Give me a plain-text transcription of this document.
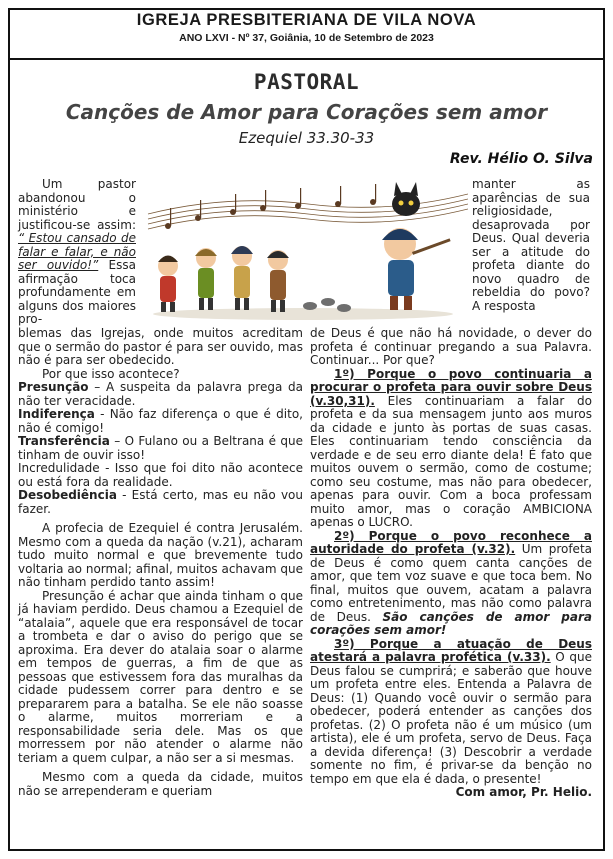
IGREJA PRESBITERIANA DE VILA NOVA
ANO LXVI - Nº 37, Goiânia, 10 de Setembro de 2023
PASTORAL
Canções de Amor para Corações sem amor
Ezequiel 33.30-33
Rev. Hélio O. Silva

Um pastor abandonou o ministério e justificou-se assim: “ Estou cansado de falar e falar, e não ser ouvido!” Essa afirmação toca profundamente em alguns dos maiores pro-

manter as aparências de sua religiosidade, desaprovada por Deus. Qual deveria ser a atitude do profeta diante do novo quadro de rebeldia do povo? A resposta

blemas das Igrejas, onde muitos acreditam que o sermão do pastor é para ser ouvido, mas não é para ser obedecido.

Por que isso acontece?

Presunção – A suspeita da palavra prega da não ter veracidade.

Indiferença - Não faz diferença o que é dito, não é comigo!

Transferência – O Fulano ou a Beltrana é que tinham de ouvir isso!

Incredulidade - Isso que foi dito não acontece ou está fora da realidade.

Desobediência - Está certo, mas eu não vou fazer.

A profecia de Ezequiel é contra Jerusalém. Mesmo com a queda da nação (v.21), acharam tudo muito normal e que brevemente tudo voltaria ao normal; afinal, muitos achavam que não tinham perdido tanto assim!

Presunção é achar que ainda tinham o que já haviam perdido. Deus chamou a Ezequiel de “atalaia”, aquele que era responsável de tocar a trombeta e dar o aviso do perigo que se aproxima. Era dever do atalaia soar o alarme em tempos de guerras, a fim de que as pessoas que estivessem fora das muralhas da cidade pudessem correr para dentro e se prepararem para a batalha. Se ele não soasse o alarme, muitos morreriam e a responsabilidade seria dele. Mas os que morressem por não atender o alarme não teriam a quem culpar, a não ser a si mesmas.

Mesmo com a queda da cidade, muitos não se arrependeram e queriam

de Deus é que não há novidade, o dever do profeta é continuar pregando a sua Palavra. Continuar... Por que?

1º) Porque o povo continuaria a procurar o profeta para ouvir sobre Deus (v.30,31). Eles continuariam a falar do profeta e da sua mensagem junto aos muros da cidade e junto às portas de suas casas. Eles continuariam tendo consciência da verdade e de seu erro diante dela! É fato que muitos ouvem o sermão, como de costume; como seu costume, mas não para obedecer, apenas para ouvir. Com a boca professam muito amor, mas o coração AMBICIONA apenas o LUCRO.

2º) Porque o povo reconhece a autoridade do profeta (v.32). Um profeta de Deus é como quem canta canções de amor, que tem voz suave e que toca bem. No final, muitos que ouvem, acatam a palavra como entretenimento, mas não como palavra de Deus. São canções de amor para corações sem amor!

3º) Porque a atuação de Deus atestará a palavra profética (v.33). O que Deus falou se cumprirá; e saberão que houve um profeta entre eles. Entenda a Palavra de Deus: (1) Quando você ouvir o sermão para obedecer, poderá entender as canções dos profetas. (2) O profeta não é um músico (um artista), ele é um profeta, servo de Deus. Faça a devida diferença! (3) Descobrir a verdade somente no fim, é privar-se da benção no tempo em que ela é dada, o presente!

Com amor, Pr. Helio.
